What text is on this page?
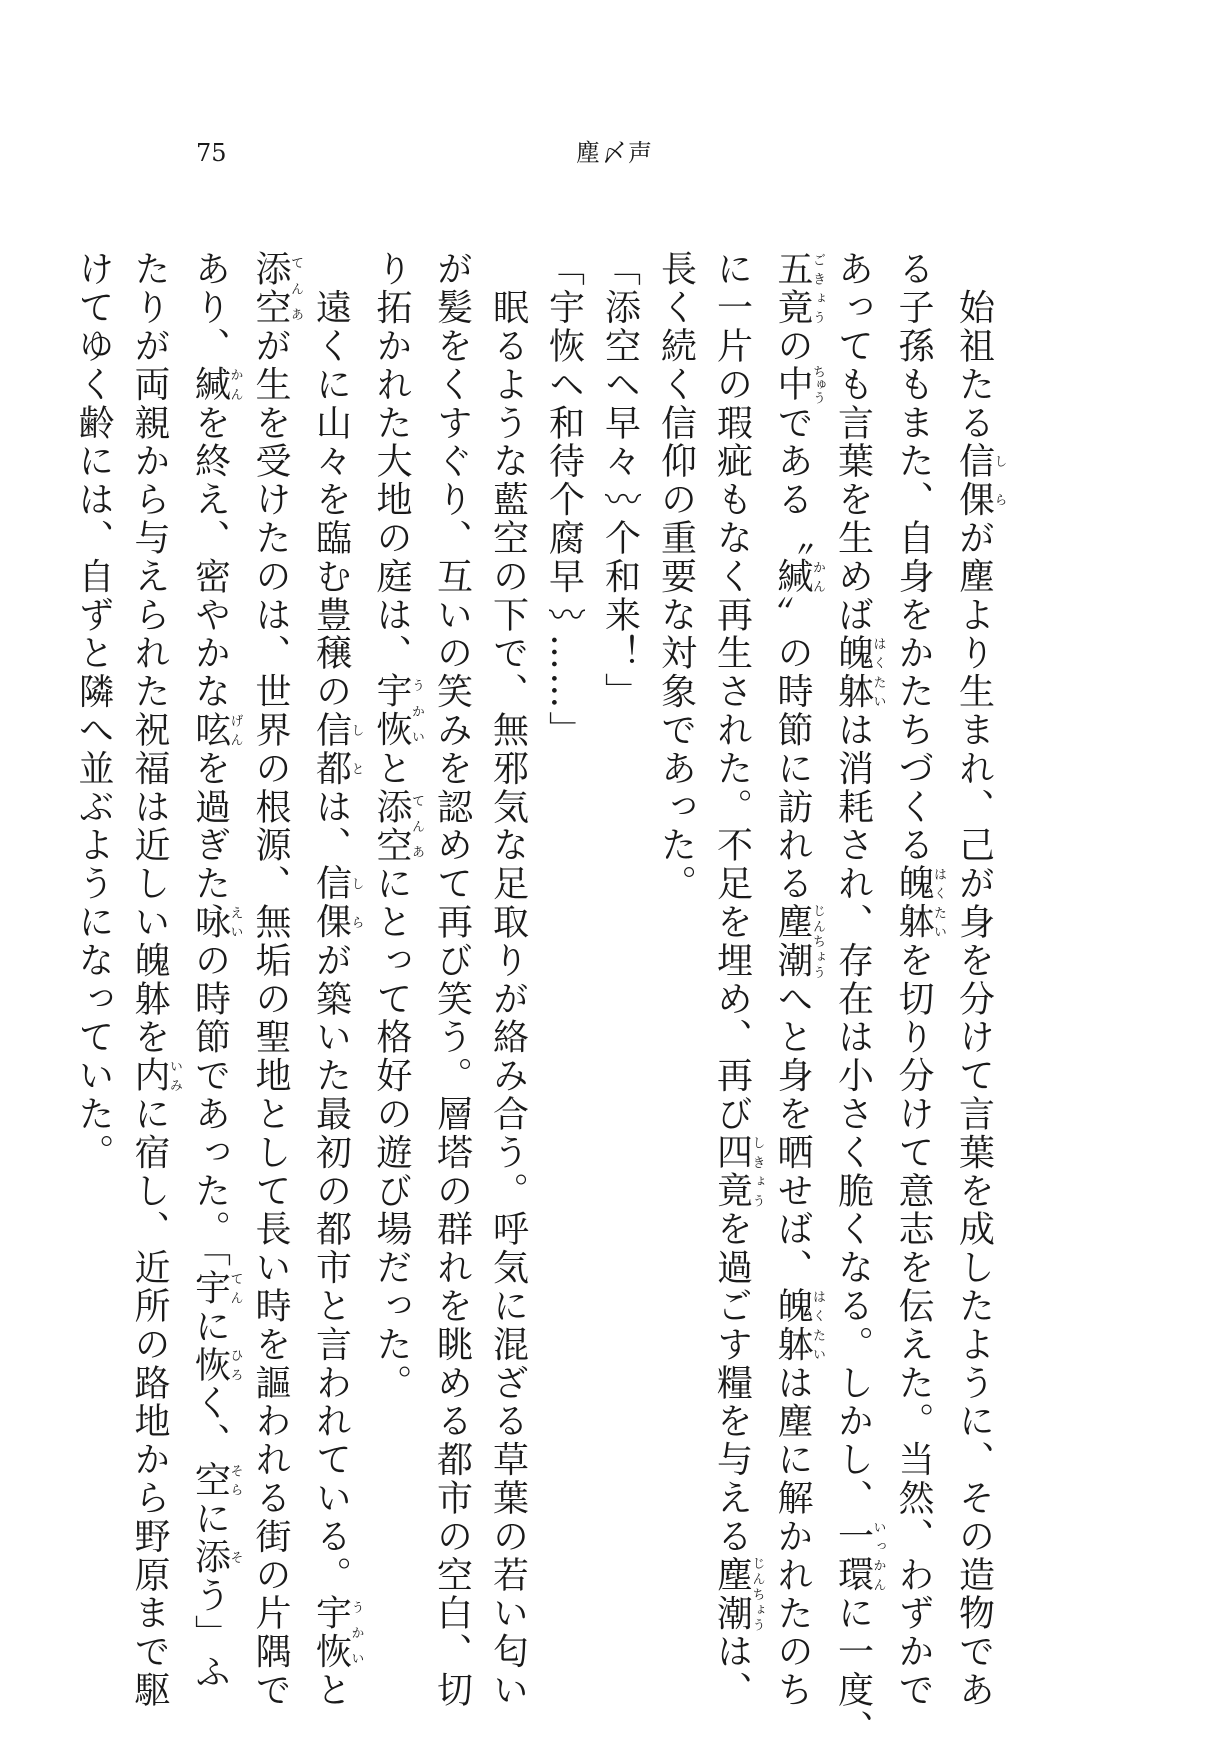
75	塵〆声
　始祖たる信倮しらが塵より生まれ、己が身を分けて言葉を成したように、その造物であ
る子孫もまた、自身をかたちづくる魄躰はくたいを切り分けて意志を伝えた。当然、わずかで
あっても言葉を生めば魄躰はくたいは消耗され、存在は小さく脆くなる。しかし、一環いっかんに一度、
五竟ごきょうの中ちゅうである〝緘かん〟の時節に訪れる塵潮じんちょうへと身を晒せば、魄躰はくたいは塵に解かれたのち
に一片の瑕疵もなく再生された。不足を埋め、再び四竟しきょうを過ごす糧を与える塵潮じんちょうは、
長く続く信仰の重要な対象であった。
「添空ヘ早々〰个和来！」
「宇恢ヘ和待个腐早〰……」
　眠るような藍空の下で、無邪気な足取りが絡み合う。呼気に混ざる草葉の若い匂い
が髪をくすぐり、互いの笑みを認めて再び笑う。層塔の群れを眺める都市の空白、切
り拓かれた大地の庭は、宇恢うかいと添空てんあにとって格好の遊び場だった。
　遠くに山々を臨む豊穣の信都しとは、信倮しらが築いた最初の都市と言われている。宇恢うかいと
添空てんあが生を受けたのは、世界の根源、無垢の聖地として長い時を謳われる街の片隅で
あり、緘かんを終え、密やかな呟げんを過ぎた咏えいの時節であった。「宇てんに恢ひろく、空そらに添そう」ふ
たりが両親から与えられた祝福は近しい魄躰を内いみに宿し、近所の路地から野原まで駆
けてゆく齢には、自ずと隣へ並ぶようになっていた。
